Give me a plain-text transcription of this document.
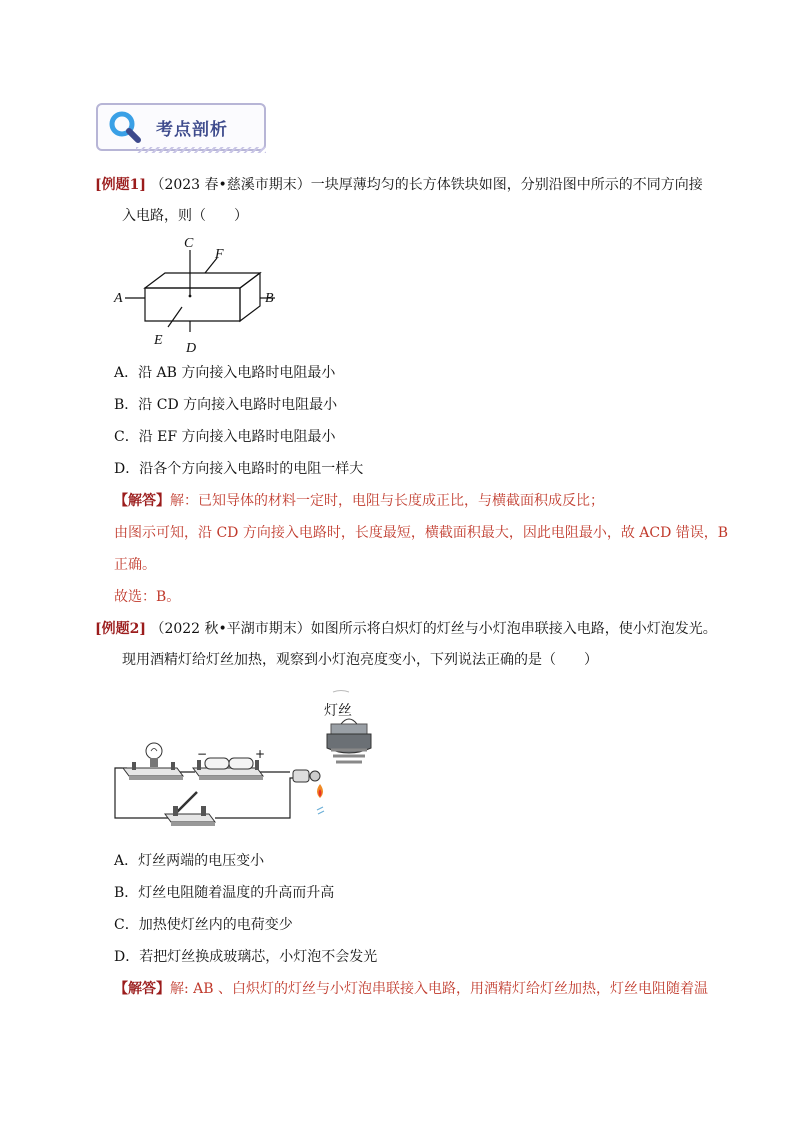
考点剖析
[例题1] （2023 春•慈溪市期末）一块厚薄均匀的长方体铁块如图，分别沿图中所示的不同方向接
入电路，则（　　）
C
F
A	B
E
D
A．沿 AB 方向接入电路时电阻最小
B．沿 CD 方向接入电路时电阻最小
C．沿 EF 方向接入电路时电阻最小
D．沿各个方向接入电路时的电阻一样大
【解答】解：已知导体的材料一定时，电阻与长度成正比，与横截面积成反比；
由图示可知，沿 CD 方向接入电路时，长度最短，横截面积最大，因此电阻最小，故 ACD 错误，B
正确。
故选：B。
[例题2] （2022 秋•平湖市期末）如图所示将白炽灯的灯丝与小灯泡串联接入电路，使小灯泡发光。
现用酒精灯给灯丝加热，观察到小灯泡亮度变小，下列说法正确的是（　　）
−	+
灯丝
A．灯丝两端的电压变小
B．灯丝电阻随着温度的升高而升高
C．加热使灯丝内的电荷变少
D．若把灯丝换成玻璃芯，小灯泡不会发光
【解答】解: AB 、白炽灯的灯丝与小灯泡串联接入电路，用酒精灯给灯丝加热，灯丝电阻随着温
